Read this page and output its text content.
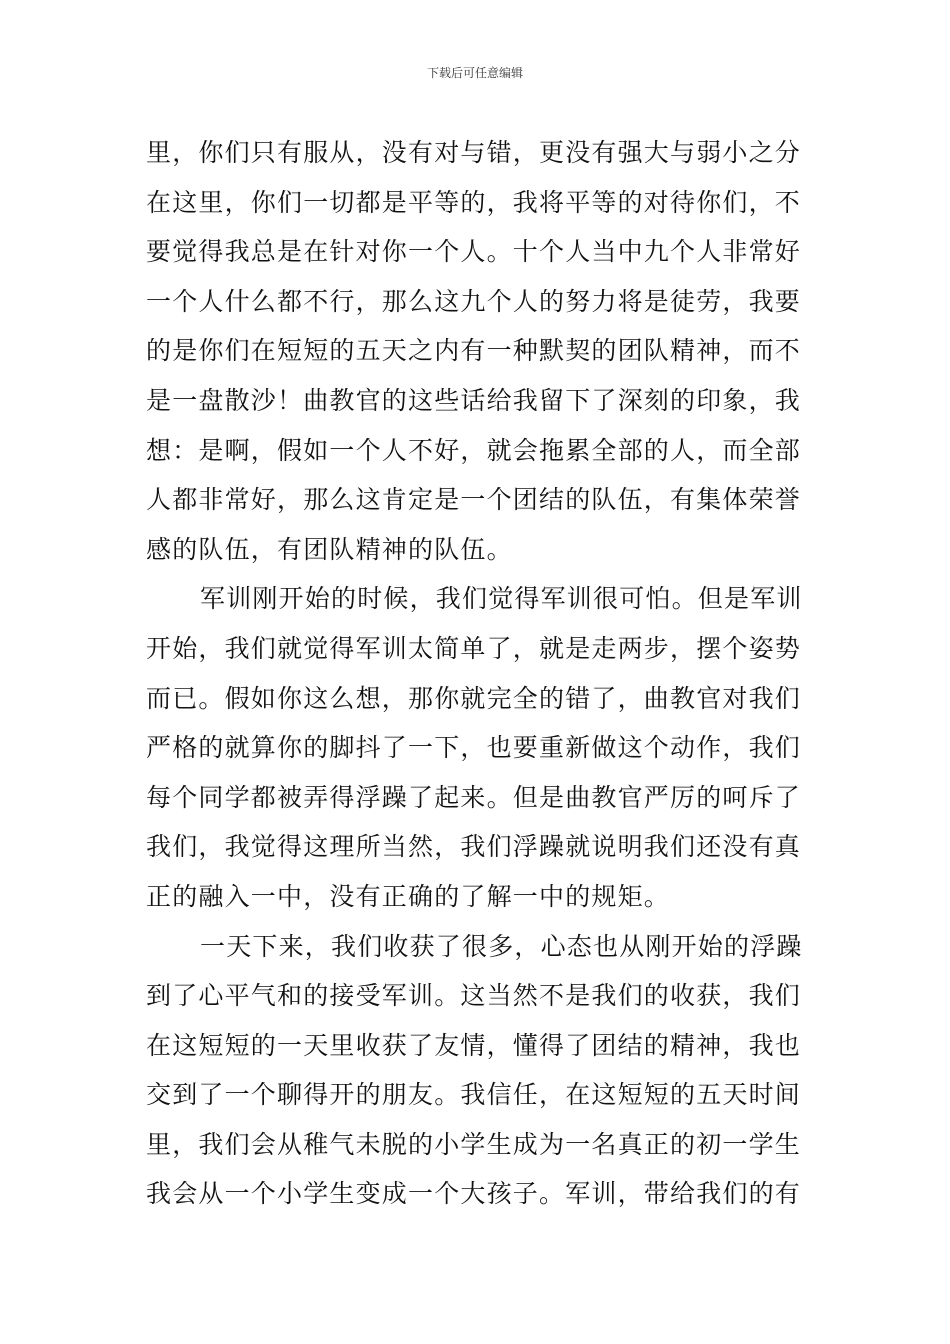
下载后可任意编辑
里，你们只有服从，没有对与错，更没有强大与弱小之分
在这里，你们一切都是平等的，我将平等的对待你们，不
要觉得我总是在针对你一个人。十个人当中九个人非常好
一个人什么都不行，那么这九个人的努力将是徒劳，我要
的是你们在短短的五天之内有一种默契的团队精神，而不
是一盘散沙！曲教官的这些话给我留下了深刻的印象，我
想：是啊，假如一个人不好，就会拖累全部的人，而全部
人都非常好，那么这肯定是一个团结的队伍，有集体荣誉
感的队伍，有团队精神的队伍。
军训刚开始的时候，我们觉得军训很可怕。但是军训
开始，我们就觉得军训太简单了，就是走两步，摆个姿势
而已。假如你这么想，那你就完全的错了，曲教官对我们
严格的就算你的脚抖了一下，也要重新做这个动作，我们
每个同学都被弄得浮躁了起来。但是曲教官严厉的呵斥了
我们，我觉得这理所当然，我们浮躁就说明我们还没有真
正的融入一中，没有正确的了解一中的规矩。
一天下来，我们收获了很多，心态也从刚开始的浮躁
到了心平气和的接受军训。这当然不是我们的收获，我们
在这短短的一天里收获了友情，懂得了团结的精神，我也
交到了一个聊得开的朋友。我信任，在这短短的五天时间
里，我们会从稚气未脱的小学生成为一名真正的初一学生
我会从一个小学生变成一个大孩子。军训，带给我们的有
